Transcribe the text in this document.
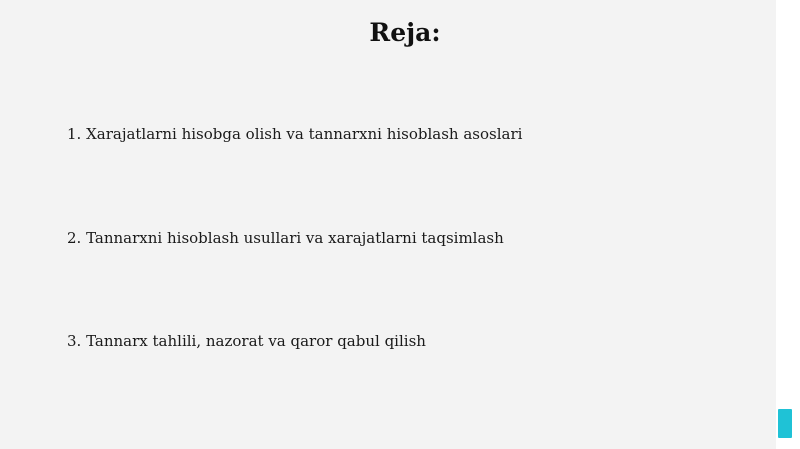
Reja:

1. Xarajatlarni hisobga olish va tannarxni hisoblash asoslari

2. Tannarxni hisoblash usullari va xarajatlarni taqsimlash

3. Tannarx tahlili, nazorat va qaror qabul qilish
